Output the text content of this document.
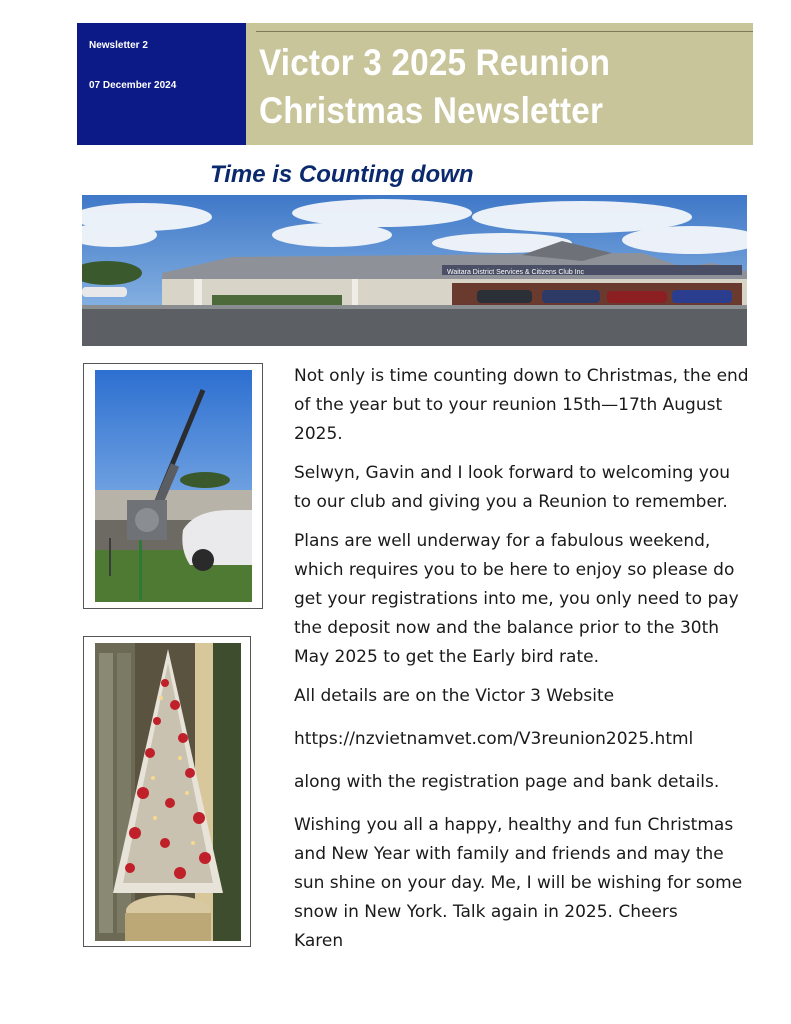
Newsletter 2
07 December 2024
Victor 3 2025 Reunion
Christmas Newsletter
Time is Counting down
Waitara District Services & Citizens Club Inc

Not only is time counting down to Christmas, the end
of the year but to your reunion 15th—17th August
2025.

Selwyn, Gavin and I look forward to welcoming you
to our club and giving you a Reunion to remember.

Plans are well underway for a fabulous weekend,
which requires you to be here to enjoy so please do
get your registrations into me, you only need to pay
the deposit now and the balance prior to the 30th
May 2025 to get the Early bird rate.

All details are on the Victor 3 Website

https://nzvietnamvet.com/V3reunion2025.html

along with the registration page and bank details.

Wishing you all a happy, healthy and fun Christmas
and New Year with family and friends and may the
sun shine on your day. Me, I will be wishing for some
snow in New York. Talk again in 2025. Cheers
Karen
